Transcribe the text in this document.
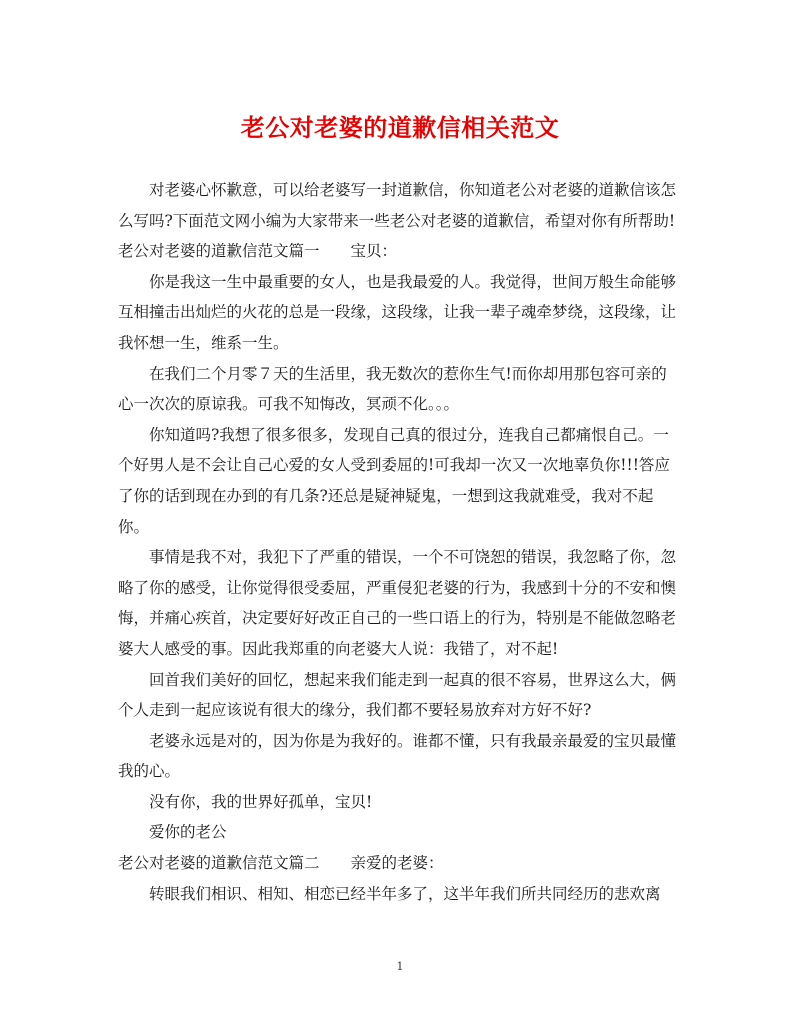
老公对老婆的道歉信相关范文

对老婆心怀歉意，可以给老婆写一封道歉信，你知道老公对老婆的道歉信该怎么写吗?下面范文网小编为大家带来一些老公对老婆的道歉信，希望对你有所帮助!

老公对老婆的道歉信范文篇一　　宝贝：

你是我这一生中最重要的女人，也是我最爱的人。我觉得，世间万般生命能够互相撞击出灿烂的火花的总是一段缘，这段缘，让我一辈子魂牵梦绕，这段缘，让我怀想一生，维系一生。

在我们二个月零７天的生活里，我无数次的惹你生气!而你却用那包容可亲的心一次次的原谅我。可我不知悔改，冥顽不化。。。

你知道吗?我想了很多很多，发现自己真的很过分，连我自己都痛恨自己。一个好男人是不会让自己心爱的女人受到委屈的!可我却一次又一次地辜负你!!!答应了你的话到现在办到的有几条?还总是疑神疑鬼，一想到这我就难受，我对不起你。

事情是我不对，我犯下了严重的错误，一个不可饶恕的错误，我忽略了你，忽略了你的感受，让你觉得很受委屈，严重侵犯老婆的行为，我感到十分的不安和懊悔，并痛心疾首，决定要好好改正自己的一些口语上的行为，特别是不能做忽略老婆大人感受的事。因此我郑重的向老婆大人说：我错了，对不起!

回首我们美好的回忆，想起来我们能走到一起真的很不容易，世界这么大，俩个人走到一起应该说有很大的缘分，我们都不要轻易放弃对方好不好?

老婆永远是对的，因为你是为我好的。谁都不懂，只有我最亲最爱的宝贝最懂我的心。

没有你，我的世界好孤单，宝贝!

爱你的老公

老公对老婆的道歉信范文篇二　　亲爱的老婆：

转眼我们相识、相知、相恋已经半年多了，这半年我们所共同经历的悲欢离

1
